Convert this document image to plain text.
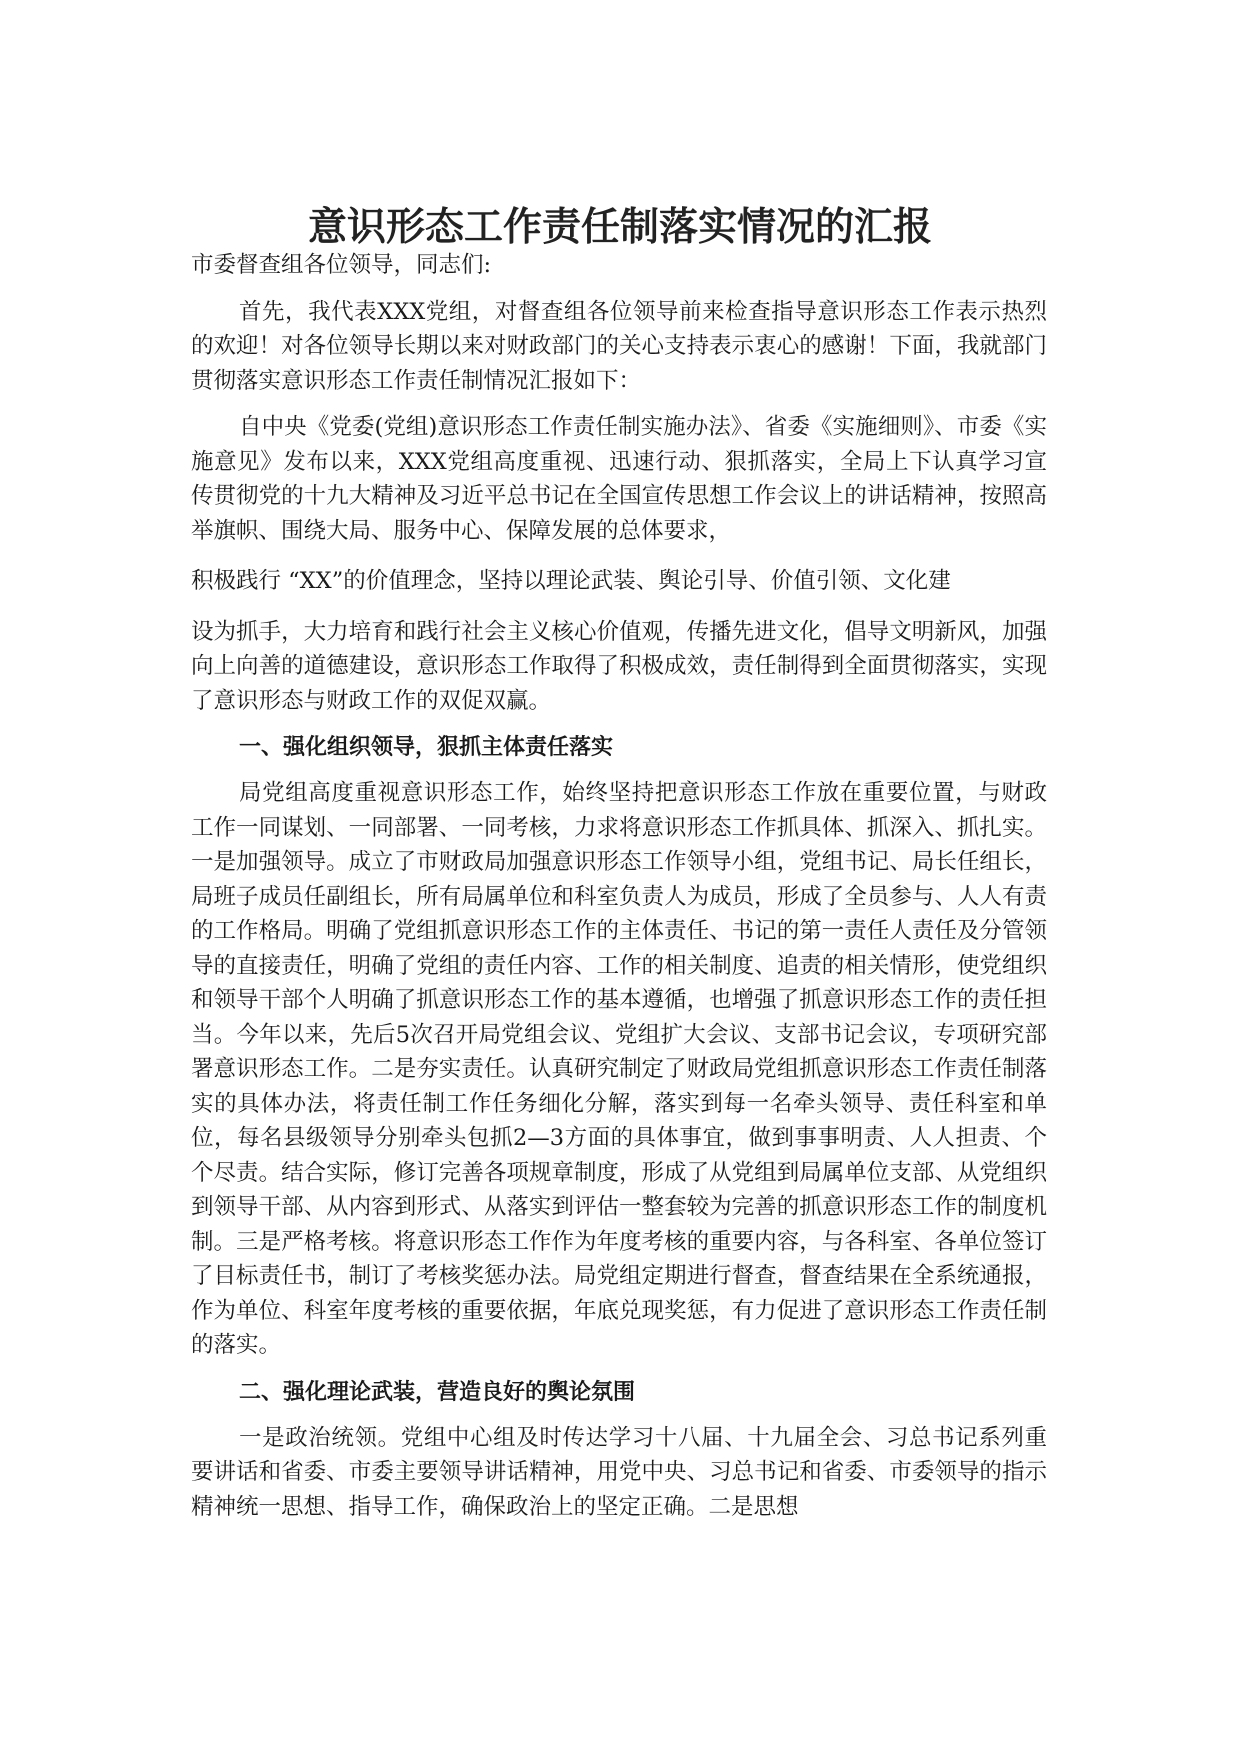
意识形态工作责任制落实情况的汇报

市委督查组各位领导，同志们:

首先，我代表XXX党组，对督查组各位领导前来检查指导意识形态工作表示热烈的欢迎！对各位领导长期以来对财政部门的关心支持表示衷心的感谢！下面，我就部门贯彻落实意识形态工作责任制情况汇报如下：

自中央《党委(党组)意识形态工作责任制实施办法》、省委《实施细则》、市委《实施意见》发布以来，XXX党组高度重视、迅速行动、狠抓落实，全局上下认真学习宣传贯彻党的十九大精神及习近平总书记在全国宣传思想工作会议上的讲话精神，按照高举旗帜、围绕大局、服务中心、保障发展的总体要求，

积极践行 “XX”的价值理念，坚持以理论武装、舆论引导、价值引领、文化建

设为抓手，大力培育和践行社会主义核心价值观，传播先进文化，倡导文明新风，加强向上向善的道德建设，意识形态工作取得了积极成效，责任制得到全面贯彻落实，实现了意识形态与财政工作的双促双赢。

一、强化组织领导，狠抓主体责任落实

局党组高度重视意识形态工作，始终坚持把意识形态工作放在重要位置，与财政工作一同谋划、一同部署、一同考核，力求将意识形态工作抓具体、抓深入、抓扎实。一是加强领导。成立了市财政局加强意识形态工作领导小组，党组书记、局长任组长，局班子成员任副组长，所有局属单位和科室负责人为成员，形成了全员参与、人人有责的工作格局。明确了党组抓意识形态工作的主体责任、书记的第一责任人责任及分管领导的直接责任，明确了党组的责任内容、工作的相关制度、追责的相关情形，使党组织和领导干部个人明确了抓意识形态工作的基本遵循，也增强了抓意识形态工作的责任担当。今年以来，先后5次召开局党组会议、党组扩大会议、支部书记会议，专项研究部署意识形态工作。二是夯实责任。认真研究制定了财政局党组抓意识形态工作责任制落实的具体办法，将责任制工作任务细化分解，落实到每一名牵头领导、责任科室和单位，每名县级领导分别牵头包抓2—3方面的具体事宜，做到事事明责、人人担责、个个尽责。结合实际，修订完善各项规章制度，形成了从党组到局属单位支部、从党组织到领导干部、从内容到形式、从落实到评估一整套较为完善的抓意识形态工作的制度机制。三是严格考核。将意识形态工作作为年度考核的重要内容，与各科室、各单位签订了目标责任书，制订了考核奖惩办法。局党组定期进行督查，督查结果在全系统通报，作为单位、科室年度考核的重要依据，年底兑现奖惩，有力促进了意识形态工作责任制的落实。

二、强化理论武装，营造良好的舆论氛围

一是政治统领。党组中心组及时传达学习十八届、十九届全会、习总书记系列重要讲话和省委、市委主要领导讲话精神，用党中央、习总书记和省委、市委领导的指示精神统一思想、指导工作，确保政治上的坚定正确。二是思想
